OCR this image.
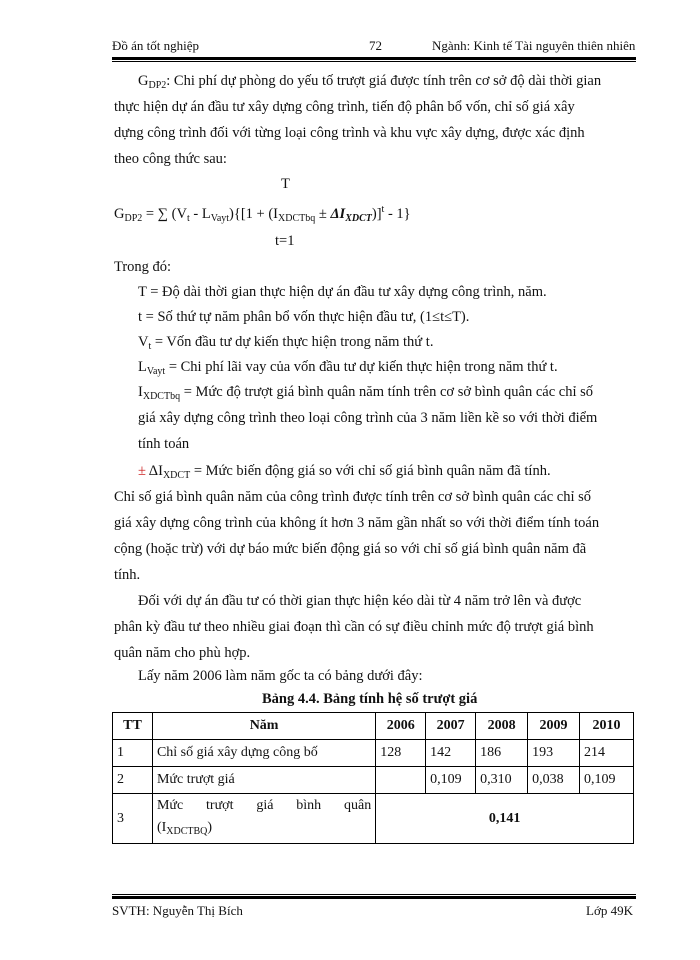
Đồ án tốt nghiệp	72	Ngành: Kinh tế Tài nguyên thiên nhiên
$G_{DP2}$: Chi phí dự phòng do yếu tố trượt giá được tính trên cơ sở độ dài thời gian
thực hiện dự án đầu tư xây dựng công trình, tiến độ phân bổ vốn, chỉ số giá xây
dựng công trình đối với từng loại công trình và khu vực xây dựng, được xác định
theo công thức sau:
T
$G_{DP2}$ = ∑ $(V_t - L_{Vayt})\{[1 + (I_{XDCTbq} \pm \Delta I_{XDCT})]^t - 1\}$
t=1
Trong đó:
T = Độ dài thời gian thực hiện dự án đầu tư xây dựng công trình, năm.
t = Số thứ tự năm phân bổ vốn thực hiện đầu tư, (1≤t≤T).
$V_t$ = Vốn đầu tư dự kiến thực hiện trong năm thứ t.
$L_{Vayt}$ = Chi phí lãi vay của vốn đầu tư dự kiến thực hiện trong năm thứ t.
$I_{XDCTbq}$ = Mức độ trượt giá bình quân năm tính trên cơ sở bình quân các chỉ số
giá xây dựng công trình theo loại công trình của 3 năm liền kề so với thời điểm
tính toán
± $\Delta I_{XDCT}$ = Mức biến động giá so với chỉ số giá bình quân năm đã tính.
Chỉ số giá bình quân năm của công trình được tính trên cơ sở bình quân các chỉ số
giá xây dựng công trình của không ít hơn 3 năm gần nhất so với thời điểm tính toán
cộng (hoặc trừ) với dự báo mức biến động giá so với chỉ số giá bình quân năm đã
tính.
Đối với dự án đầu tư có thời gian thực hiện kéo dài từ 4 năm trở lên và được
phân kỳ đầu tư theo nhiều giai đoạn thì cần có sự điều chỉnh mức độ trượt giá bình
quân năm cho phù hợp.
Lấy năm 2006 làm năm gốc ta có bảng dưới đây:
Bảng 4.4. Bảng tính hệ số trượt giá
TT	Năm	2006	2007	2008	2009	2010
1	Chỉ số giá xây dựng công bố	128	142	186	193	214
2	Mức trượt giá		0,109	0,310	0,038	0,109
3	Mức trượt giá bình quân
$(I_{XDCTBQ})$	0,141				
SVTH: Nguyễn Thị Bích	Lớp 49K
